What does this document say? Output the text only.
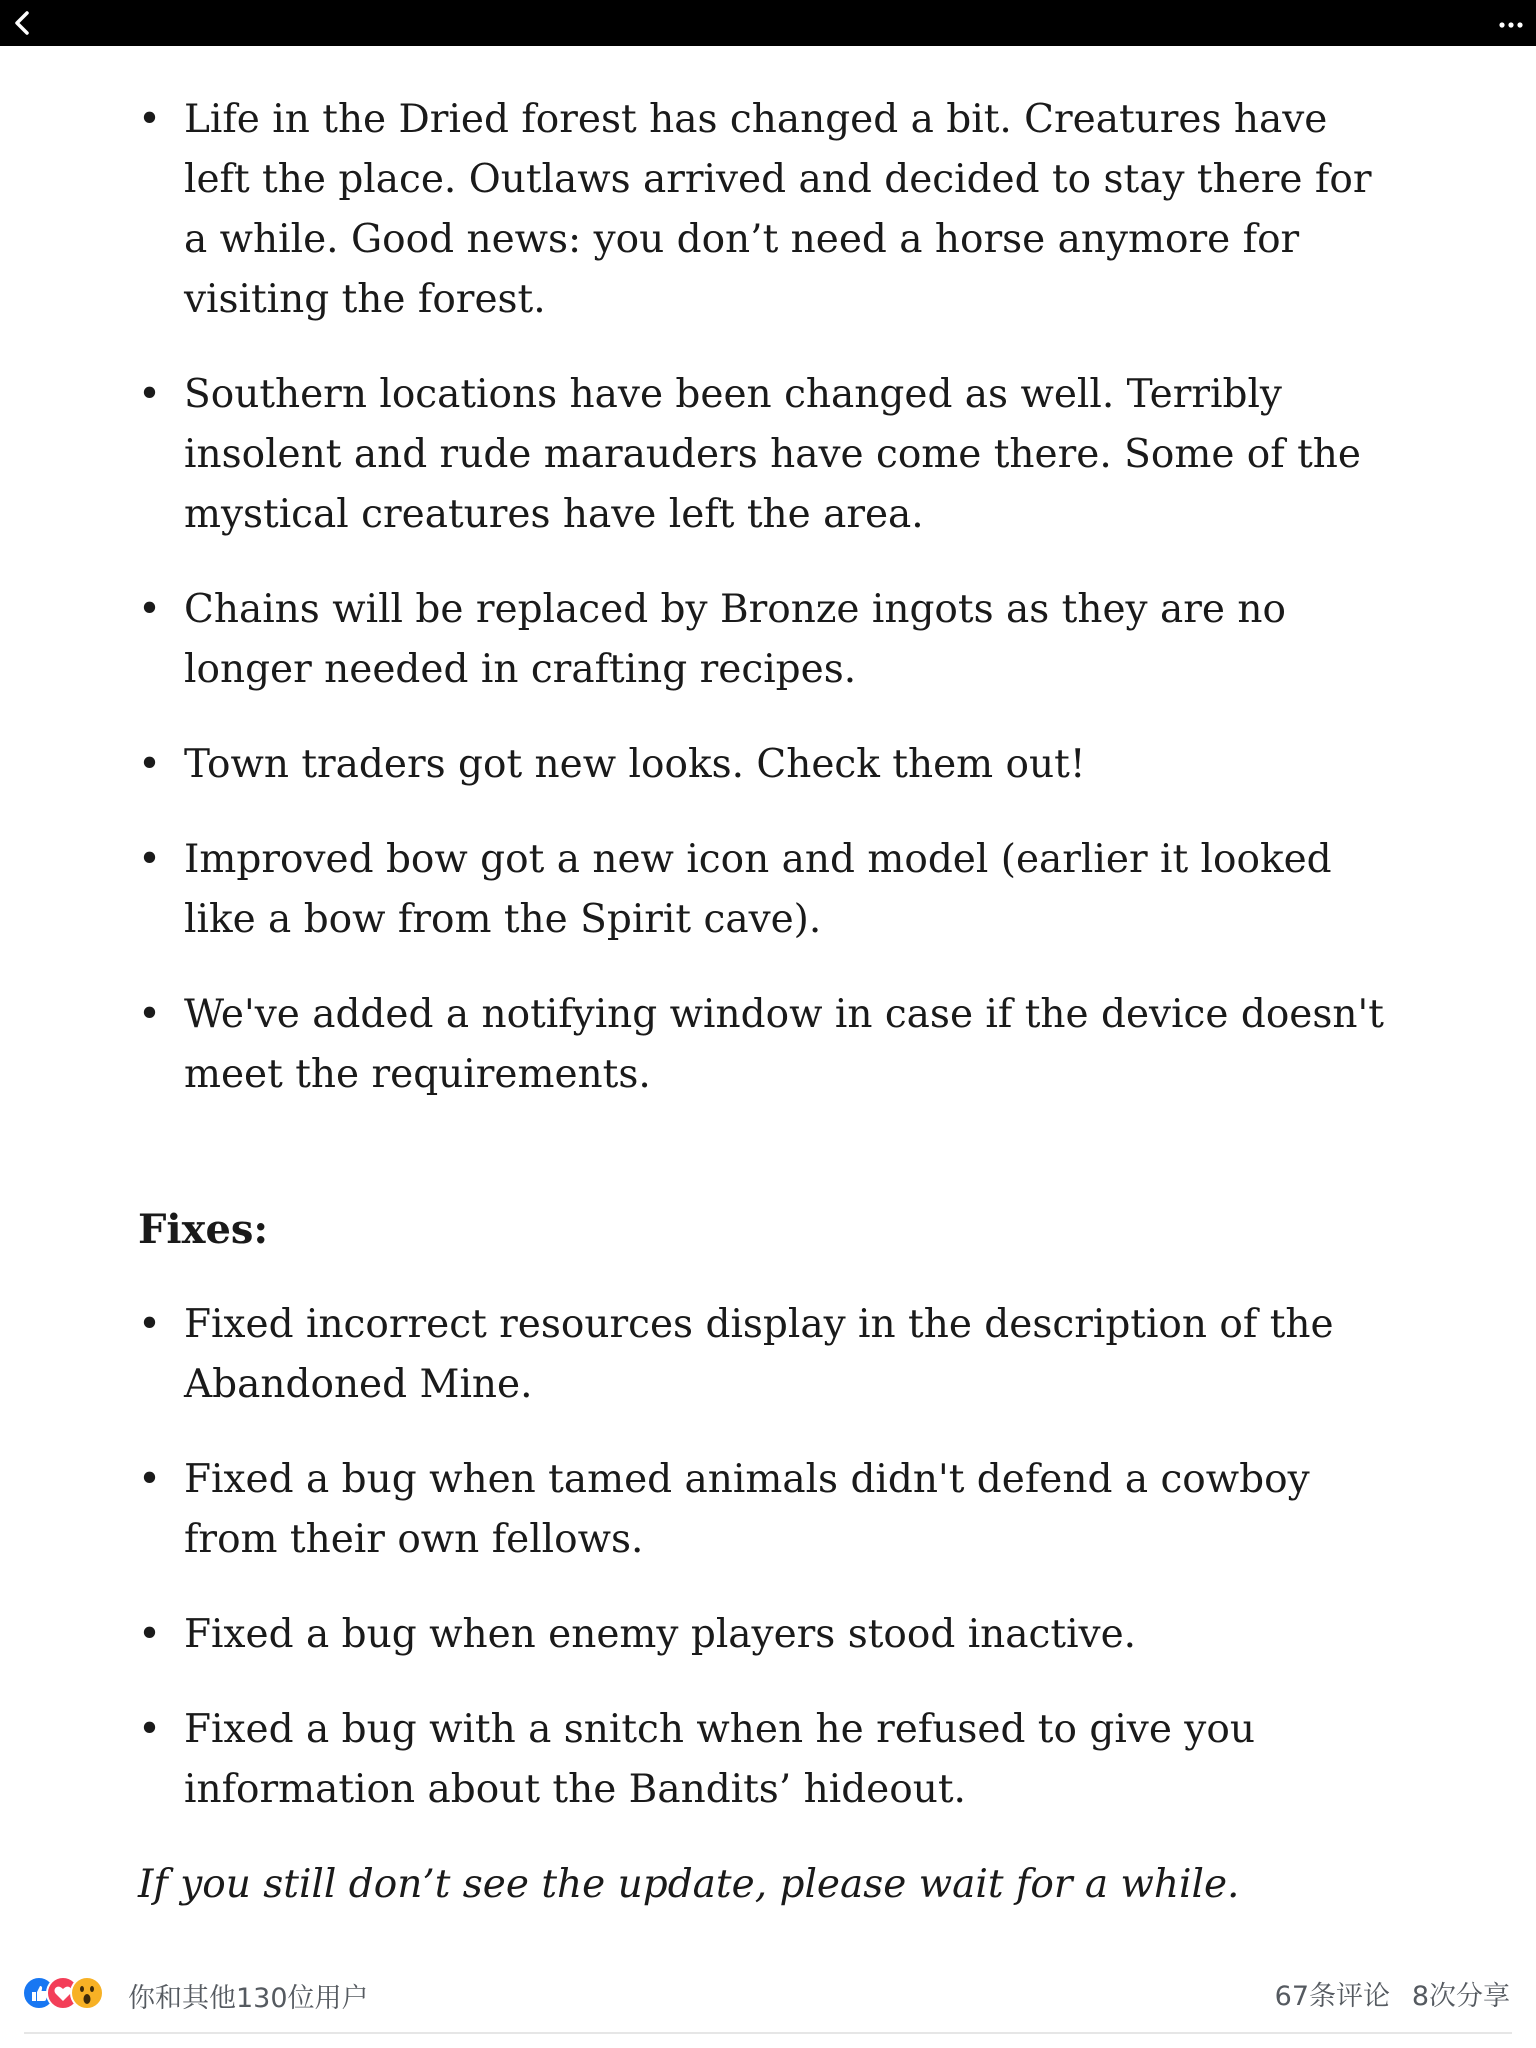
• Life in the Dried forest has changed a bit. Creatures have left the place. Outlaws arrived and decided to stay there for a while. Good news: you don’t need a horse anymore for visiting the forest.
• Southern locations have been changed as well. Terribly insolent and rude marauders have come there. Some of the mystical creatures have left the area.
• Chains will be replaced by Bronze ingots as they are no longer needed in crafting recipes.
• Town traders got new looks. Check them out!
• Improved bow got a new icon and model (earlier it looked like a bow from the Spirit cave).
• We've added a notifying window in case if the device doesn't meet the requirements.
Fixes:
• Fixed incorrect resources display in the description of the Abandoned Mine.
• Fixed a bug when tamed animals didn't defend a cowboy from their own fellows.
• Fixed a bug when enemy players stood inactive.
• Fixed a bug with a snitch when he refused to give you information about the Bandits’ hideout.

If you still don’t see the update, please wait for a while.

你和其他130位用户	67条评论 8次分享
